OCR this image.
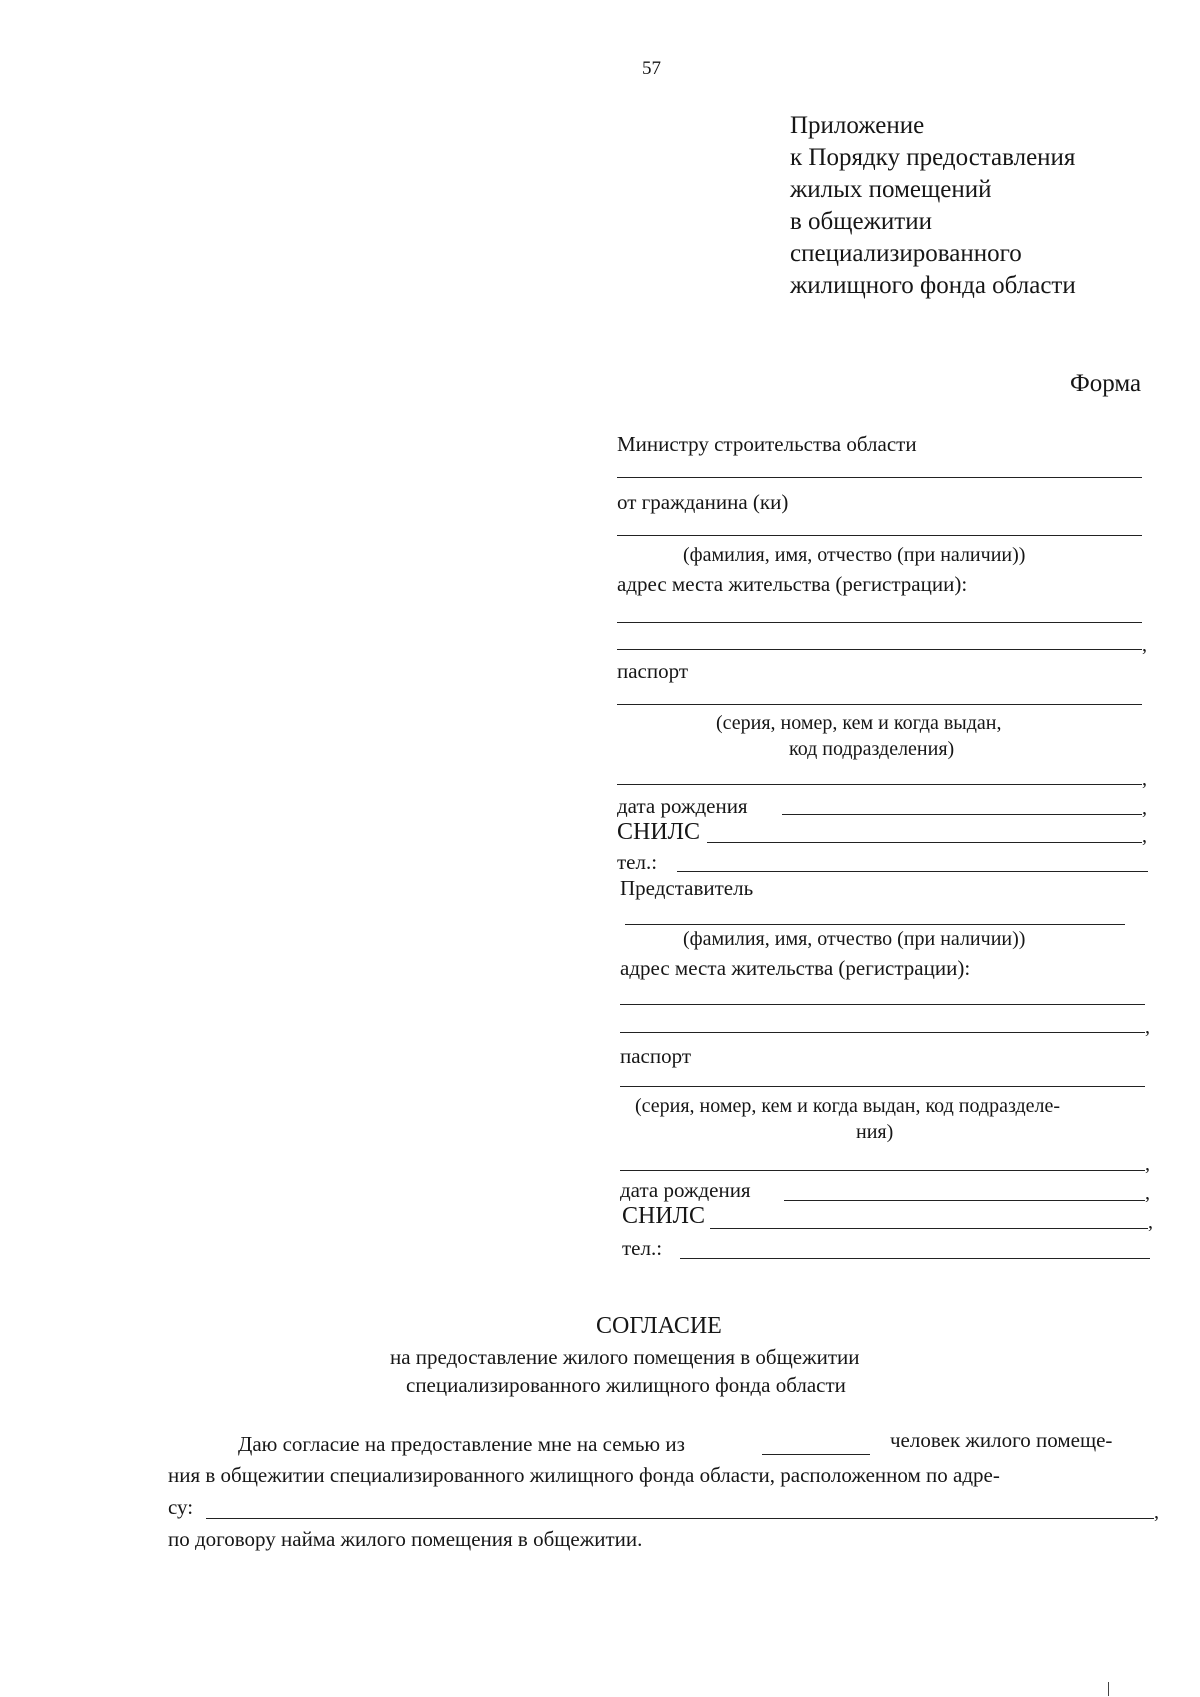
57
Приложение
к Порядку предоставления
жилых помещений
в общежитии
специализированного
жилищного фонда области
Форма
Министру строительства области
от гражданина (ки)
(фамилия, имя, отчество (при наличии))
адрес места жительства (регистрации):
,
паспорт
(серия, номер, кем и когда выдан,
код подразделения)
,
дата рождения	,
СНИЛС	,
тел.:
Представитель
(фамилия, имя, отчество (при наличии))
адрес места жительства (регистрации):
,
паспорт
(серия, номер, кем и когда выдан, код подразделе-
ния)
,
дата рождения	,
СНИЛС	,
тел.:
СОГЛАСИЕ
на предоставление жилого помещения в общежитии
специализированного жилищного фонда области
Даю согласие на предоставление мне на семью из	человек жилого помеще-
ния в общежитии специализированного жилищного фонда области, расположенном по адре-
су:	,
по договору найма жилого помещения в общежитии.
